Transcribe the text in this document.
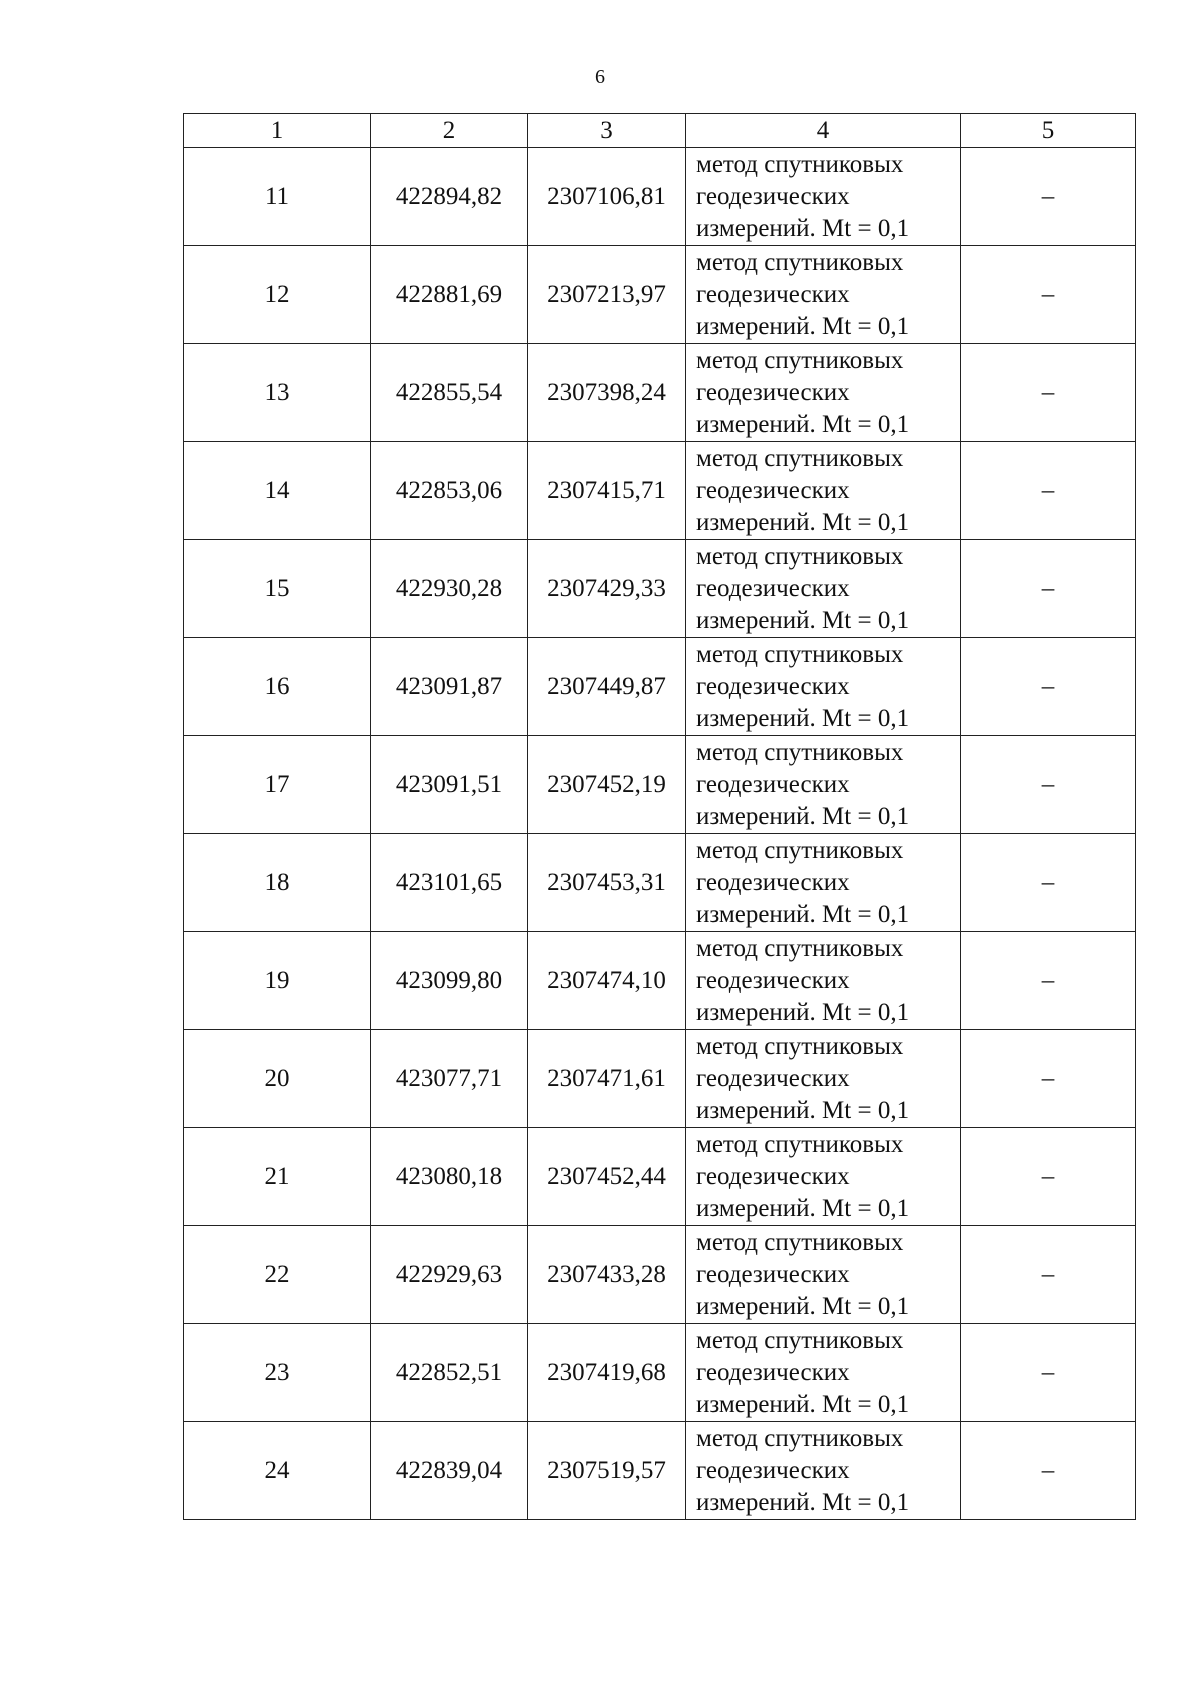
6
1	2	3	4	5
11	422894,82	2307106,81	метод спутниковых
геодезических
измерений. Mt = 0,1	–
12	422881,69	2307213,97	метод спутниковых
геодезических
измерений. Mt = 0,1	–
13	422855,54	2307398,24	метод спутниковых
геодезических
измерений. Mt = 0,1	–
14	422853,06	2307415,71	метод спутниковых
геодезических
измерений. Mt = 0,1	–
15	422930,28	2307429,33	метод спутниковых
геодезических
измерений. Mt = 0,1	–
16	423091,87	2307449,87	метод спутниковых
геодезических
измерений. Mt = 0,1	–
17	423091,51	2307452,19	метод спутниковых
геодезических
измерений. Mt = 0,1	–
18	423101,65	2307453,31	метод спутниковых
геодезических
измерений. Mt = 0,1	–
19	423099,80	2307474,10	метод спутниковых
геодезических
измерений. Mt = 0,1	–
20	423077,71	2307471,61	метод спутниковых
геодезических
измерений. Mt = 0,1	–
21	423080,18	2307452,44	метод спутниковых
геодезических
измерений. Mt = 0,1	–
22	422929,63	2307433,28	метод спутниковых
геодезических
измерений. Mt = 0,1	–
23	422852,51	2307419,68	метод спутниковых
геодезических
измерений. Mt = 0,1	–
24	422839,04	2307519,57	метод спутниковых
геодезических
измерений. Mt = 0,1	–
